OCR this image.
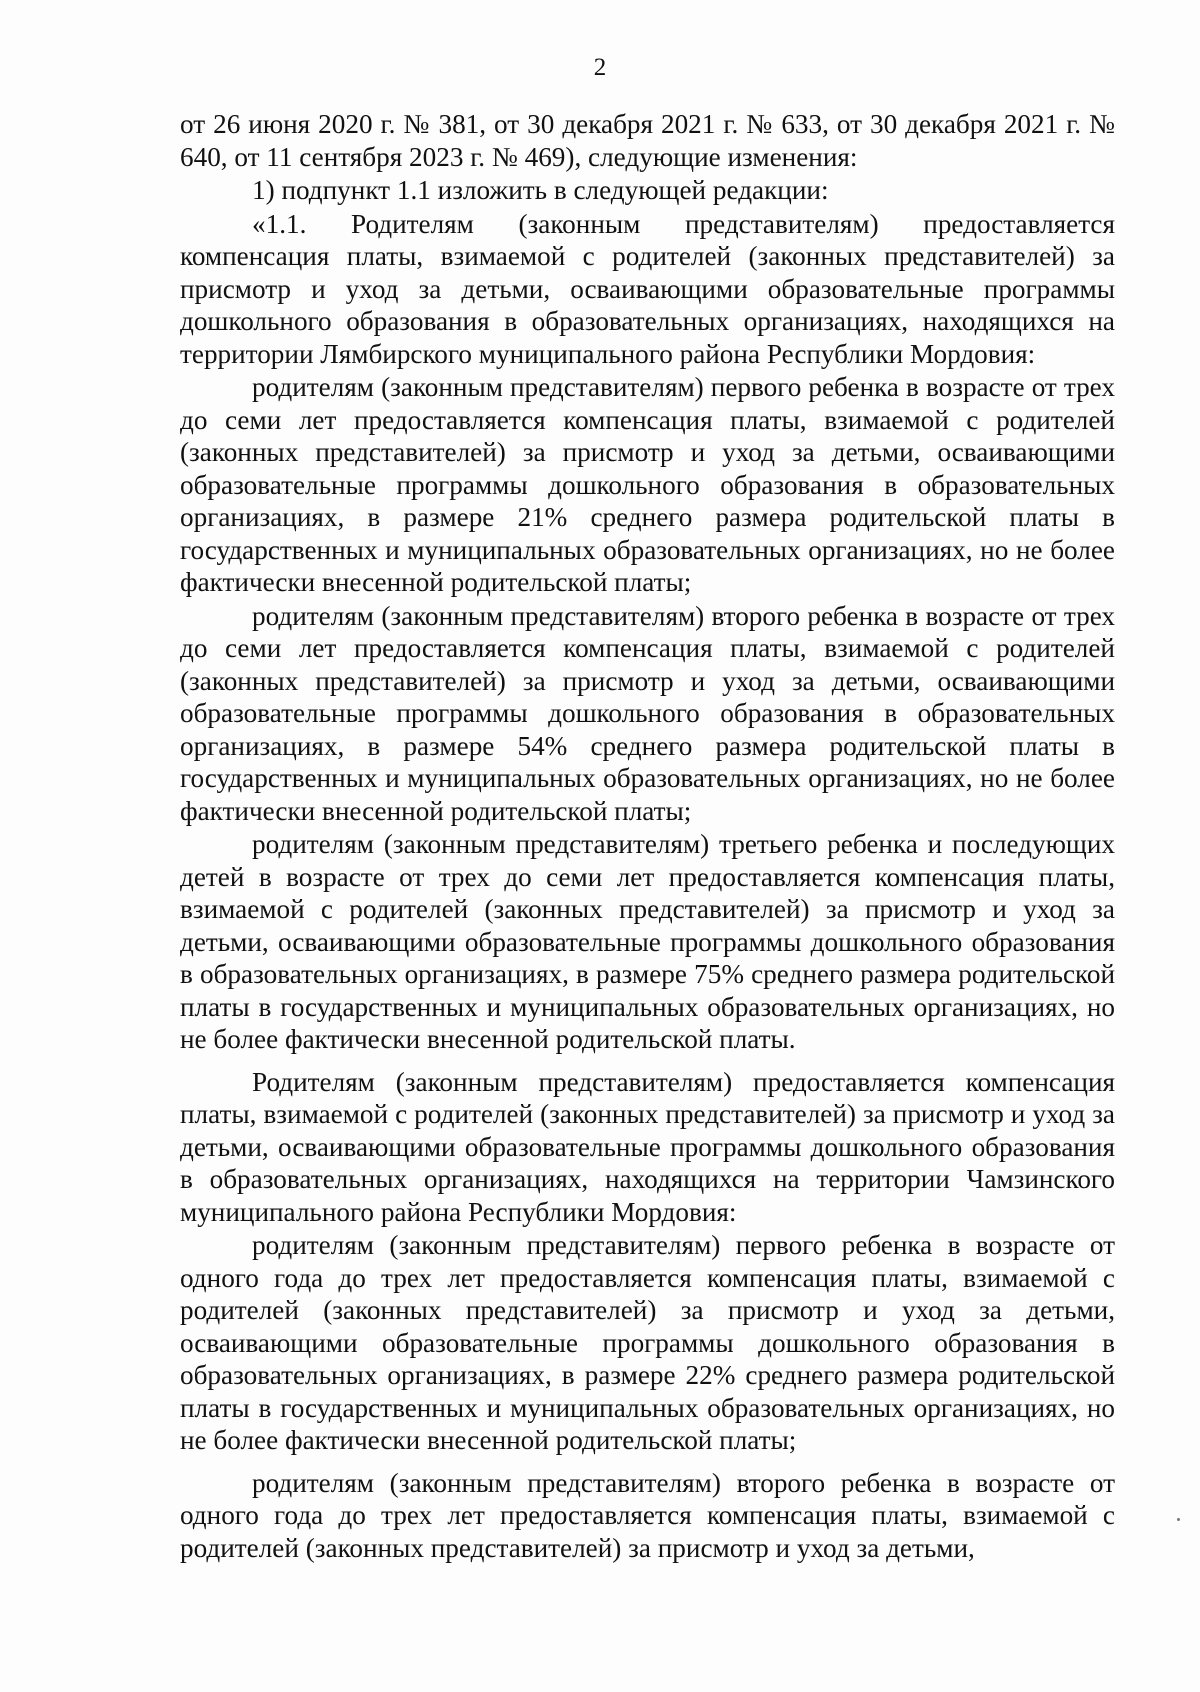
2

от 26 июня 2020 г. № 381, от 30 декабря 2021 г. № 633, от 30 декабря 2021 г. № 640, от 11 сентября 2023 г. № 469), следующие изменения:

1) подпункт 1.1 изложить в следующей редакции:

«1.1. Родителям (законным представителям) предоставляется компенсация платы, взимаемой с родителей (законных представителей) за присмотр и уход за детьми, осваивающими образовательные программы дошкольного образования в образовательных организациях, находящихся на территории Лямбирского муниципального района Республики Мордовия:

родителям (законным представителям) первого ребенка в возрасте от трех до семи лет предоставляется компенсация платы, взимаемой с родителей (законных представителей) за присмотр и уход за детьми, осваивающими образовательные программы дошкольного образования в образовательных организациях, в размере 21% среднего размера родительской платы в государственных и муниципальных образовательных организациях, но не более фактически внесенной родительской платы;

родителям (законным представителям) второго ребенка в возрасте от трех до семи лет предоставляется компенсация платы, взимаемой с родителей (законных представителей) за присмотр и уход за детьми, осваивающими образовательные программы дошкольного образования в образовательных организациях, в размере 54% среднего размера родительской платы в государственных и муниципальных образовательных организациях, но не более фактически внесенной родительской платы;

родителям (законным представителям) третьего ребенка и последующих детей в возрасте от трех до семи лет предоставляется компенсация платы, взимаемой с родителей (законных представителей) за присмотр и уход за детьми, осваивающими образовательные программы дошкольного образования в образовательных организациях, в размере 75% среднего размера родительской платы в государственных и муниципальных образовательных организациях, но не более фактически внесенной родительской платы.

Родителям (законным представителям) предоставляется компенсация платы, взимаемой с родителей (законных представителей) за присмотр и уход за детьми, осваивающими образовательные программы дошкольного образования в образовательных организациях, находящихся на территории Чамзинского муниципального района Республики Мордовия:

родителям (законным представителям) первого ребенка в возрасте от одного года до трех лет предоставляется компенсация платы, взимаемой с родителей (законных представителей) за присмотр и уход за детьми, осваивающими образовательные программы дошкольного образования в образовательных организациях, в размере 22% среднего размера родительской платы в государственных и муниципальных образовательных организациях, но не более фактически внесенной родительской платы;

родителям (законным представителям) второго ребенка в возрасте от одного года до трех лет предоставляется компенсация платы, взимаемой с родителей (законных представителей) за присмотр и уход за детьми,
